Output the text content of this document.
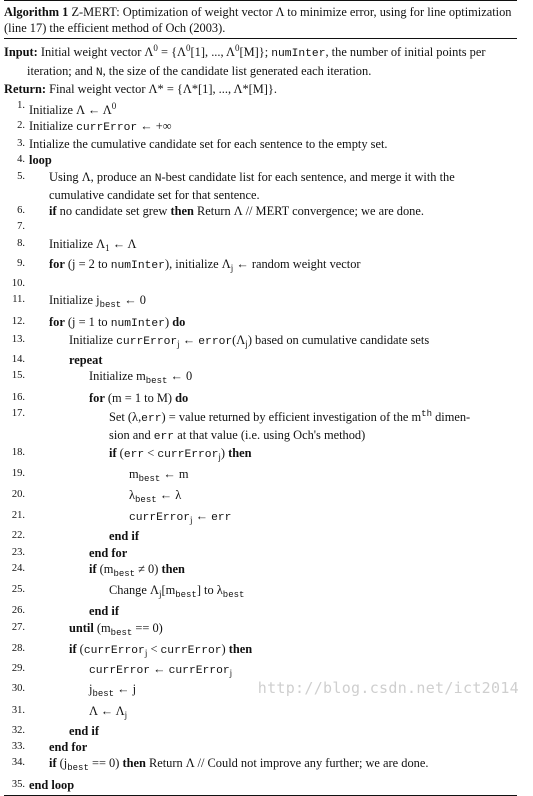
Algorithm 1 Z-MERT: Optimization of weight vector Λ to minimize error, using for line optimization (line 17) the efficient method of Och (2003).
Input: Initial weight vector $\Lambda^0 = \{\Lambda^0[1]$, ..., $\Lambda^0[M]$}; numInter, the number of initial points per iteration; and N, the size of the candidate list generated each iteration.
Return: Final weight vector Λ* = {Λ*[1], ..., Λ*[M]}.
1. Initialize Λ ← $\Lambda^0$
2. Initialize currError ← +∞
3. Intialize the cumulative candidate set for each sentence to the empty set.
4. loop
5.	Using Λ, produce an N-best candidate list for each sentence, and merge it with the
cumulative candidate set for that sentence.
6.	if no candidate set grew then Return Λ // MERT convergence; we are done.
7.
8.	Initialize $\Lambda_1$ ← Λ
9.	for (j = 2 to numInter), initialize $\Lambda_j$ ← random weight vector
10.
11.	Initialize $j_{best}$ ← 0
12.	for (j = 1 to numInter) do
13.	Initialize currError$_j$ ← $error(\Lambda_j)$ based on cumulative candidate sets
14.	repeat
15.	Initialize $m_{best}$ ← 0
16.	for (m = 1 to M) do
17.	Set (λ,err) = value returned by efficient investigation of the $m^{th}$ dimen-
sion and err at that value (i.e. using Och's method)
18.	if (err < currError$_j$) then
19.	$m_{best}$ ← m
20.	$\lambda_{best}$ ← λ
21.	currError$_j$ ← err
22.	end if
23.	end for
24.	if $(m_{best} \ne 0)$ then
25.	Change $\Lambda_j[m_{best}]$ to $\lambda_{best}$
26.	end if
27.	until $(m_{best} == 0)$
28.	if (currError$_j$ < currError) then
29.	currError ← currError$_j$
30.	$j_{best}$ ← j
31.	Λ ← $\Lambda_j$
32.	end if
33.	end for
34.	if $(j_{best} == 0)$ then Return Λ // Could not improve any further; we are done.
35. end loop
http://blog.csdn.net/ict2014
